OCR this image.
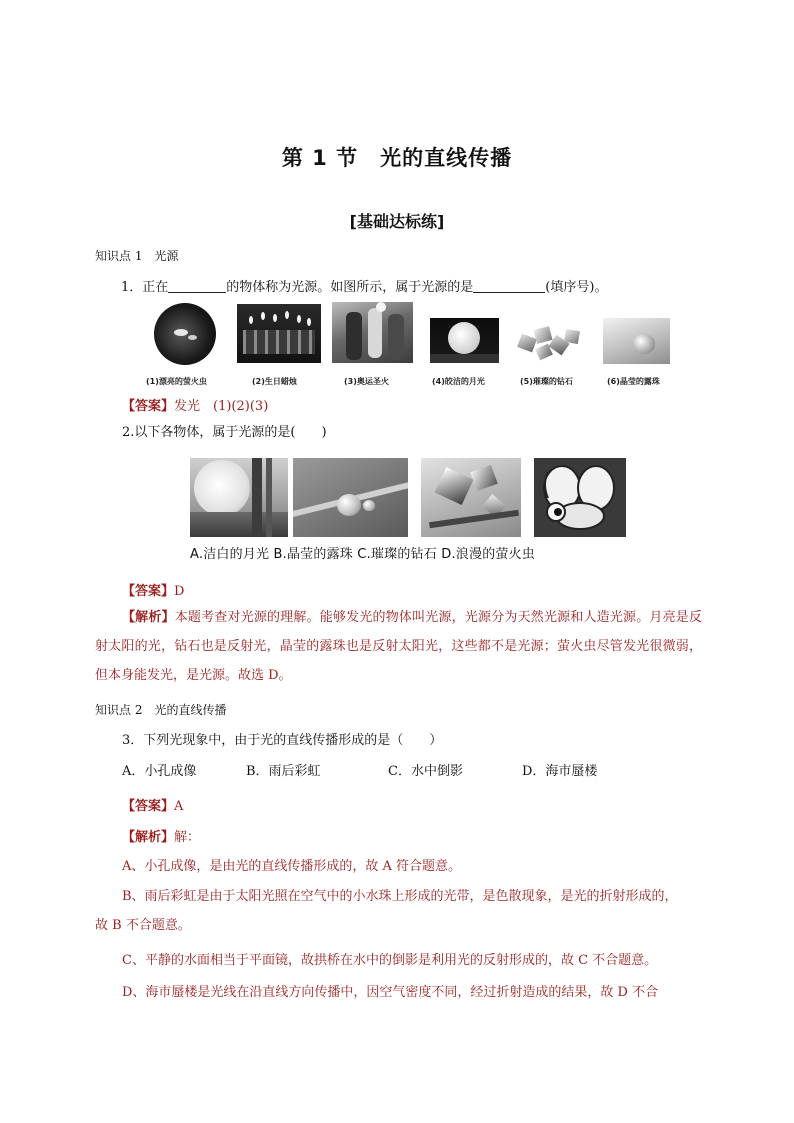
第 1 节　光的直线传播
[基础达标练]
知识点 1　光源
1．正在	的物体称为光源。如图所示，属于光源的是	(填序号)。
(1)漂亮的萤火虫	(2)生日蜡烛	(3)奥运圣火	(4)皎洁的月光	(5)璀璨的钻石	(6)晶莹的露珠
【答案】发光　(1)(2)(3)
2.以下各物体，属于光源的是(　　)
A.洁白的月光 B.晶莹的露珠 C.璀璨的钻石 D.浪漫的萤火虫
【答案】D
【解析】本题考查对光源的理解。能够发光的物体叫光源，光源分为天然光源和人造光源。月亮是反射太阳的光，钻石也是反射光，晶莹的露珠也是反射太阳光，这些都不是光源；萤火虫尽管发光很微弱，但本身能发光，是光源。故选 D。
知识点 2　光的直线传播
3．下列光现象中，由于光的直线传播形成的是（　　）
A．小孔成像	B．雨后彩虹	C．水中倒影	D．海市蜃楼
【答案】A
【解析】解：
A、小孔成像，是由光的直线传播形成的，故 A 符合题意。
B、雨后彩虹是由于太阳光照在空气中的小水珠上形成的光带，是色散现象，是光的折射形成的，
故 B 不合题意。
C、平静的水面相当于平面镜，故拱桥在水中的倒影是利用光的反射形成的，故 C 不合题意。
D、海市蜃楼是光线在沿直线方向传播中，因空气密度不同，经过折射造成的结果，故 D 不合
